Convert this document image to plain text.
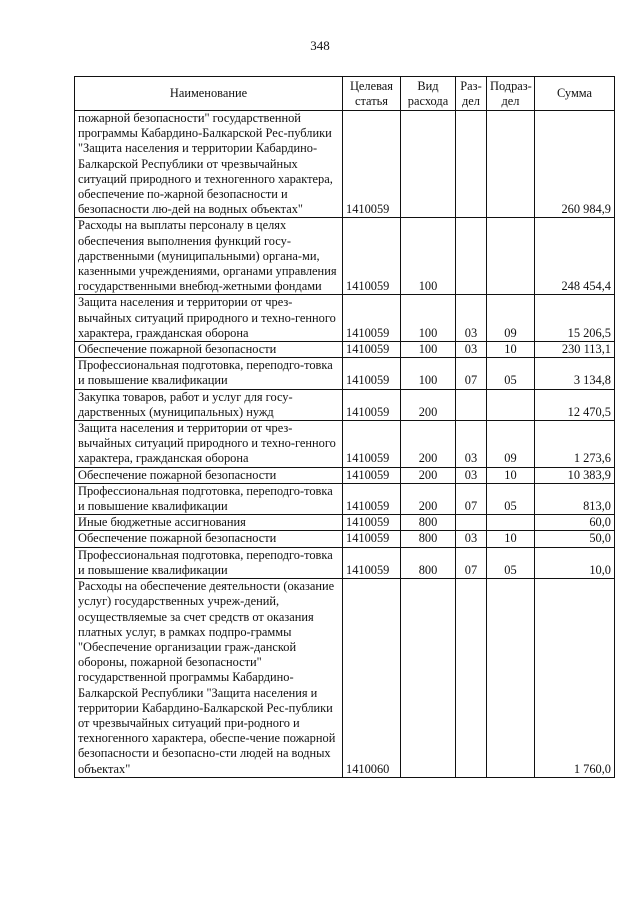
348
Наименование	Целевая статья	Вид расхода	Раз-дел	Подраз-дел	Сумма
пожарной безопасности" государственной программы Кабардино-Балкарской Рес-публики "Защита населения и территории Кабардино-Балкарской Республики от чрезвычайных ситуаций природного и техногенного характера, обеспечение по-жарной безопасности и безопасности лю-дей на водных объектах"	1410059				260 984,9
Расходы на выплаты персоналу в целях обеспечения выполнения функций госу-дарственными (муниципальными) органа-ми, казенными учреждениями, органами управления государственными внебюд-жетными фондами	1410059	100			248 454,4
Защита населения и территории от чрез-вычайных ситуаций природного и техно-генного характера, гражданская оборона	1410059	100	03	09	15 206,5
Обеспечение пожарной безопасности	1410059	100	03	10	230 113,1
Профессиональная подготовка, переподго-товка и повышение квалификации	1410059	100	07	05	3 134,8
Закупка товаров, работ и услуг для госу-дарственных (муниципальных) нужд	1410059	200			12 470,5
Защита населения и территории от чрез-вычайных ситуаций природного и техно-генного характера, гражданская оборона	1410059	200	03	09	1 273,6
Обеспечение пожарной безопасности	1410059	200	03	10	10 383,9
Профессиональная подготовка, переподго-товка и повышение квалификации	1410059	200	07	05	813,0
Иные бюджетные ассигнования	1410059	800			60,0
Обеспечение пожарной безопасности	1410059	800	03	10	50,0
Профессиональная подготовка, переподго-товка и повышение квалификации	1410059	800	07	05	10,0
Расходы на обеспечение деятельности (оказание услуг) государственных учреж-дений, осуществляемые за счет средств от оказания платных услуг, в рамках подпро-граммы "Обеспечение организации граж-данской обороны, пожарной безопасности" государственной программы Кабардино-Балкарской Республики "Защита населения и территории Кабардино-Балкарской Рес-публики от чрезвычайных ситуаций при-родного и техногенного характера, обеспе-чение пожарной безопасности и безопасно-сти людей на водных объектах"	1410060				1 760,0
